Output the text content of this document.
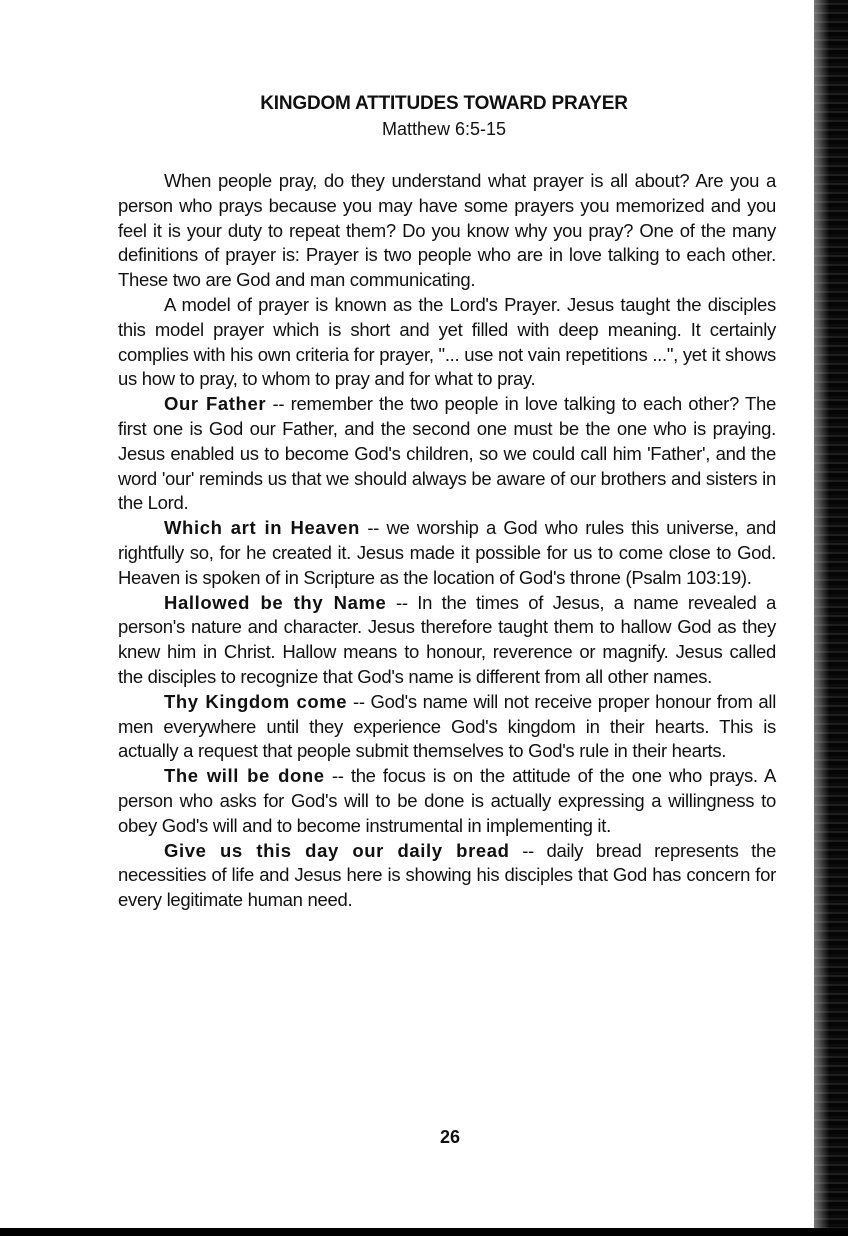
KINGDOM ATTITUDES TOWARD PRAYER
Matthew 6:5-15

When people pray, do they understand what prayer is all about? Are you a person who prays because you may have some prayers you memorized and you feel it is your duty to repeat them? Do you know why you pray? One of the many definitions of prayer is: Prayer is two people who are in love talking to each other. These two are God and man communicating.

A model of prayer is known as the Lord's Prayer. Jesus taught the disciples this model prayer which is short and yet filled with deep meaning. It certainly complies with his own criteria for prayer, "... use not vain repetitions ...", yet it shows us how to pray, to whom to pray and for what to pray.

Our Father -- remember the two people in love talking to each other? The first one is God our Father, and the second one must be the one who is praying. Jesus enabled us to become God's children, so we could call him 'Father', and the word 'our' reminds us that we should always be aware of our brothers and sisters in the Lord.

Which art in Heaven -- we worship a God who rules this universe, and rightfully so, for he created it. Jesus made it possible for us to come close to God. Heaven is spoken of in Scripture as the location of God's throne (Psalm 103:19).

Hallowed be thy Name -- In the times of Jesus, a name revealed a person's nature and character. Jesus therefore taught them to hallow God as they knew him in Christ. Hallow means to honour, reverence or magnify. Jesus called the disciples to recognize that God's name is different from all other names.

Thy Kingdom come -- God's name will not receive proper honour from all men everywhere until they experience God's kingdom in their hearts. This is actually a request that people submit themselves to God's rule in their hearts.

The will be done -- the focus is on the attitude of the one who prays. A person who asks for God's will to be done is actually expressing a willingness to obey God's will and to become instrumental in implementing it.

Give us this day our daily bread -- daily bread represents the necessities of life and Jesus here is showing his disciples that God has concern for every legitimate human need.

26
